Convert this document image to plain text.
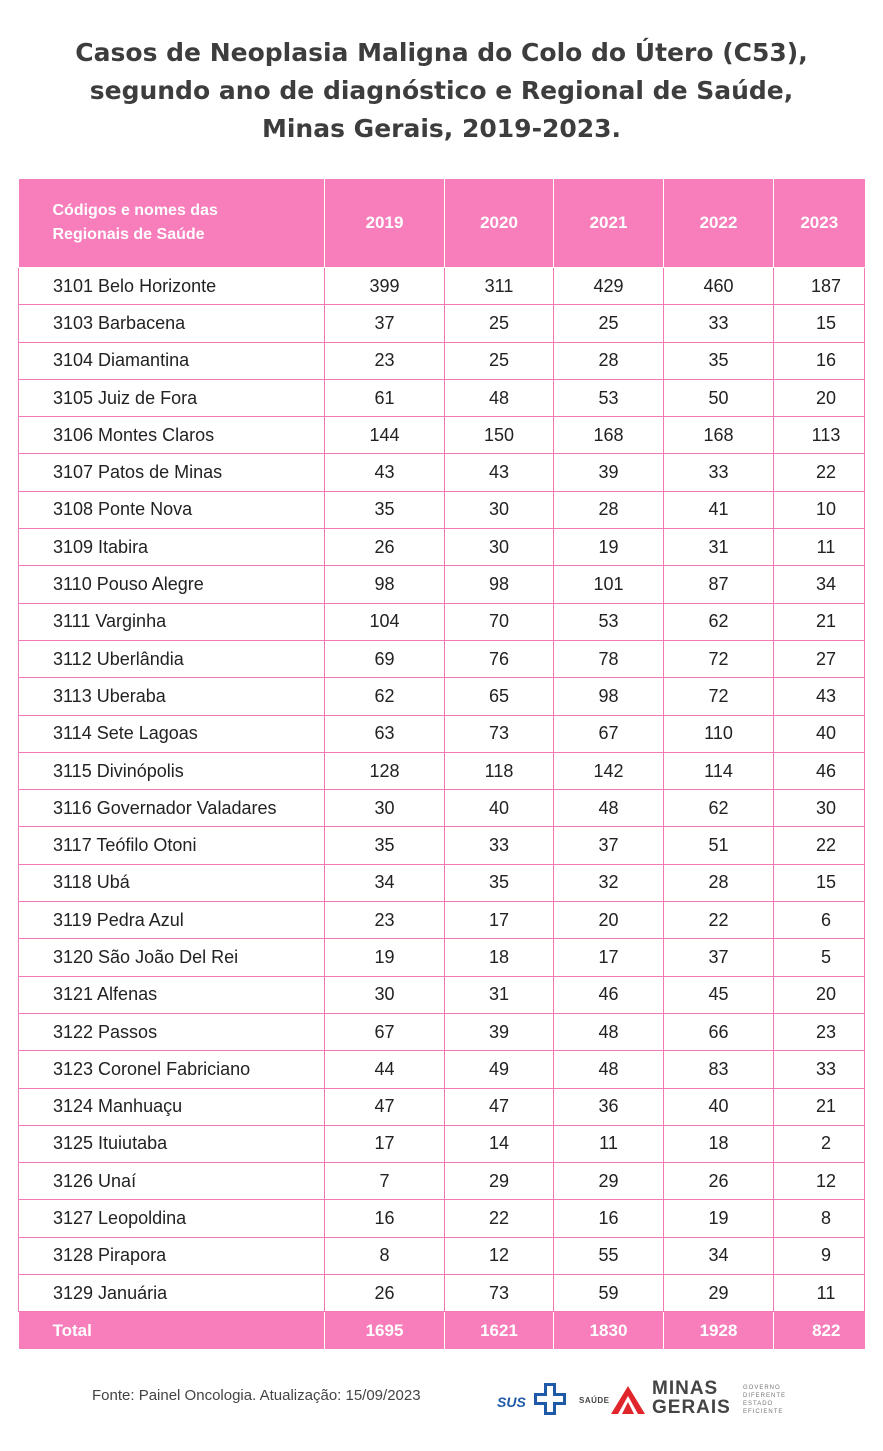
Casos de Neoplasia Maligna do Colo do Útero (C53),
segundo ano de diagnóstico e Regional de Saúde,
Minas Gerais, 2019-2023.
Códigos e nomes das
Regionais de Saúde	2019	2020	2021	2022	2023
3101 Belo Horizonte	399	311	429	460	187
3103 Barbacena	37	25	25	33	15
3104 Diamantina	23	25	28	35	16
3105 Juiz de Fora	61	48	53	50	20
3106 Montes Claros	144	150	168	168	113
3107 Patos de Minas	43	43	39	33	22
3108 Ponte Nova	35	30	28	41	10
3109 Itabira	26	30	19	31	11
3110 Pouso Alegre	98	98	101	87	34
3111 Varginha	104	70	53	62	21
3112 Uberlândia	69	76	78	72	27
3113 Uberaba	62	65	98	72	43
3114 Sete Lagoas	63	73	67	110	40
3115 Divinópolis	128	118	142	114	46
3116 Governador Valadares	30	40	48	62	30
3117 Teófilo Otoni	35	33	37	51	22
3118 Ubá	34	35	32	28	15
3119 Pedra Azul	23	17	20	22	6
3120 São João Del Rei	19	18	17	37	5
3121 Alfenas	30	31	46	45	20
3122 Passos	67	39	48	66	23
3123 Coronel Fabriciano	44	49	48	83	33
3124 Manhuaçu	47	47	36	40	21
3125 Ituiutaba	17	14	11	18	2
3126 Unaí	7	29	29	26	12
3127 Leopoldina	16	22	16	19	8
3128 Pirapora	8	12	55	34	9
3129 Januária	26	73	59	29	11
Total	1695	1621	1830	1928	822
Fonte: Painel Oncologia. Atualização: 15/09/2023	SUS	SAÚDE
MINAS
GERAIS
GOVERNO
DIFERENTE
ESTADO
EFICIENTE
